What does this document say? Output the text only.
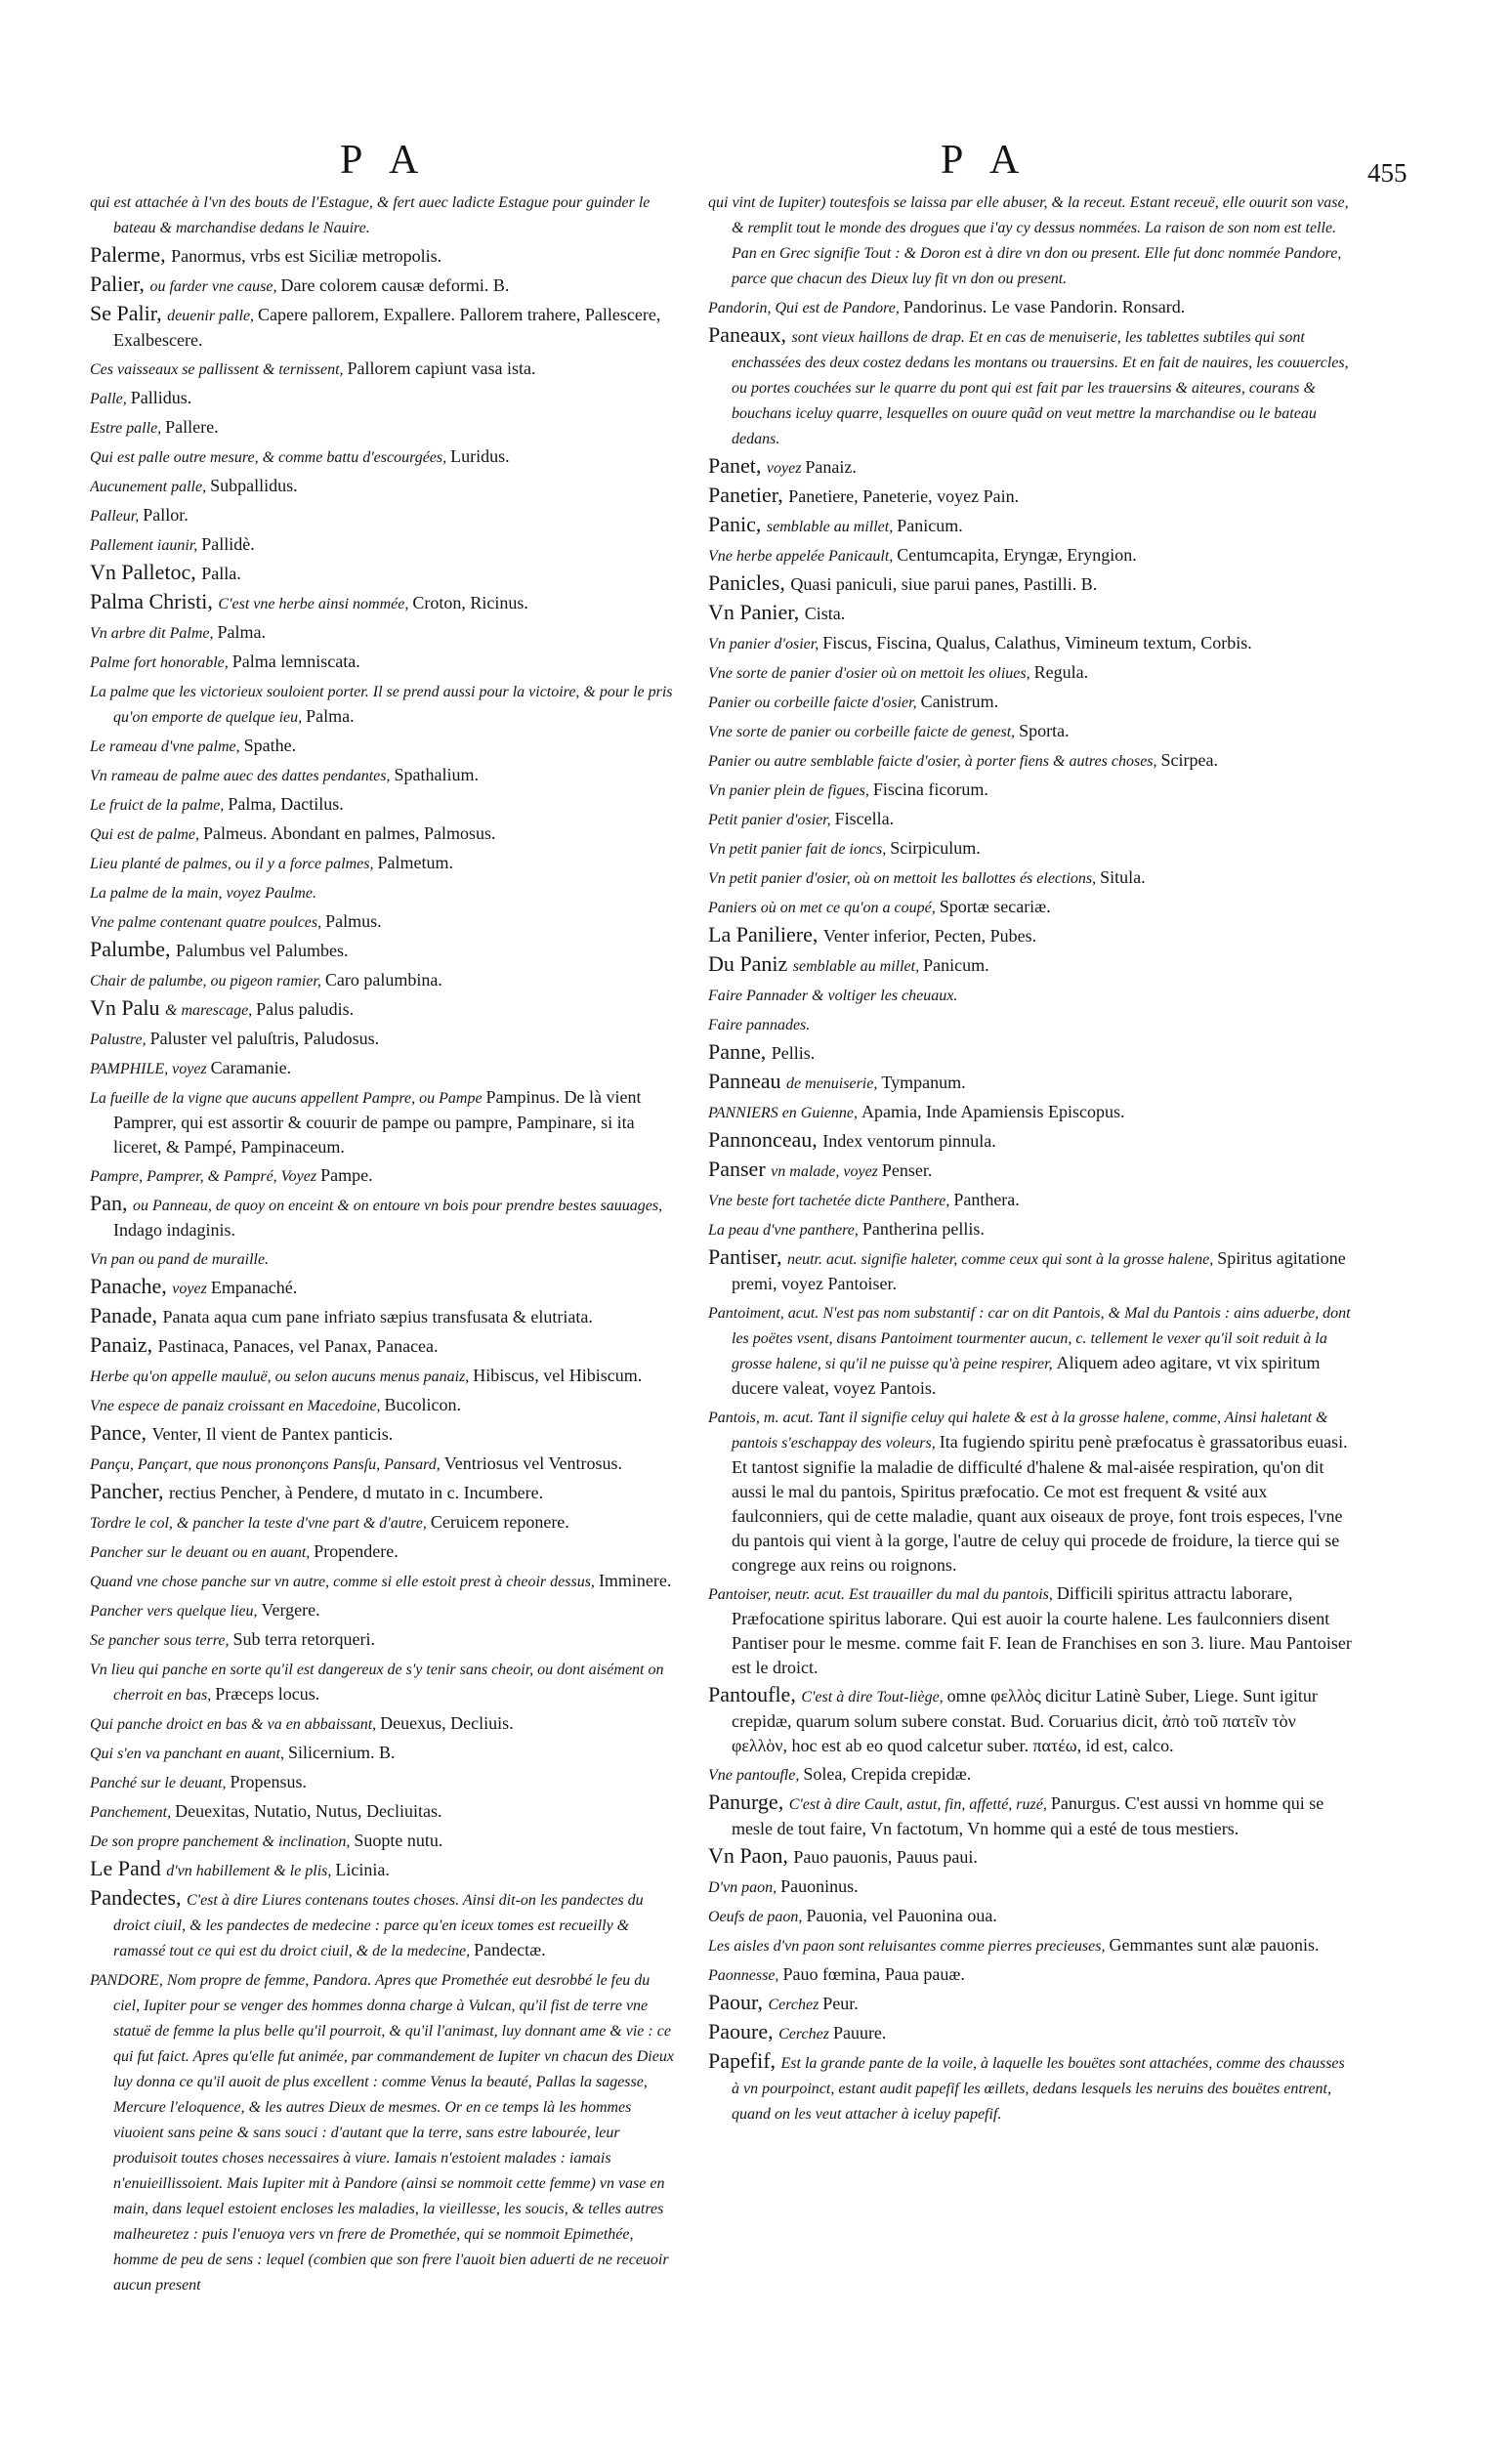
P A	P A	455
qui est attachée à l'vn des bouts de l'Estague, & fert auec ladicte Estague pour guinder le bateau & marchandise dedans le Nauire.
Palerme, Panormus, vrbs est Siciliæ metropolis.
Palier, ou farder vne cause, Dare colorem causæ deformi. B.
Se Palir, deuenir palle, Capere pallorem, Expallere. Pallorem trahere, Pallescere, Exalbescere.
Ces vaisseaux se pallissent & ternissent, Pallorem capiunt vasa ista.
Palle, Pallidus.
Estre palle, Pallere.
Qui est palle outre mesure, & comme battu d'escourgées, Luridus.
Aucunement palle, Subpallidus.
Palleur, Pallor.
Pallement iaunir, Pallidè.
Vn Palletoc, Palla.
Palma Christi, C'est vne herbe ainsi nommée, Croton, Ricinus.
Vn arbre dit Palme, Palma.
Palme fort honorable, Palma lemniscata.
La palme que les victorieux souloient porter. Il se prend aussi pour la victoire, & pour le pris qu'on emporte de quelque ieu, Palma.
Le rameau d'vne palme, Spathe.
Vn rameau de palme auec des dattes pendantes, Spathalium.
Le fruict de la palme, Palma, Dactilus.
Qui est de palme, Palmeus. Abondant en palmes, Palmosus.
Lieu planté de palmes, ou il y a force palmes, Palmetum.
La palme de la main, voyez Paulme.
Vne palme contenant quatre poulces, Palmus.
Palumbe, Palumbus vel Palumbes.
Chair de palumbe, ou pigeon ramier, Caro palumbina.
Vn Palu & marescage, Palus paludis.
Palustre, Paluster vel paluſtris, Paludosus.
PAMPHILE, voyez Caramanie.
La fueille de la vigne que aucuns appellent Pampre, ou Pampe Pampinus. De là vient Pamprer, qui est assortir & couurir de pampe ou pampre, Pampinare, si ita liceret, & Pampé, Pampinaceum.
Pampre, Pamprer, & Pampré, Voyez Pampe.
Pan, ou Panneau, de quoy on enceint & on entoure vn bois pour prendre bestes sauuages, Indago indaginis.
Vn pan ou pand de muraille.
Panache, voyez Empanaché.
Panade, Panata aqua cum pane infriato sæpius transfusata & elutriata.
Panaiz, Pastinaca, Panaces, vel Panax, Panacea.
Herbe qu'on appelle mauluë, ou selon aucuns menus panaiz, Hibiscus, vel Hibiscum.
Vne espece de panaiz croissant en Macedoine, Bucolicon.
Pance, Venter, Il vient de Pantex panticis.
Pançu, Pançart, que nous prononçons Pansſu, Pansard, Ventriosus vel Ventrosus.
Pancher, rectius Pencher, à Pendere, d mutato in c. Incumbere.
Tordre le col, & pancher la teste d'vne part & d'autre, Ceruicem reponere.
Pancher sur le deuant ou en auant, Propendere.
Quand vne chose panche sur vn autre, comme si elle estoit prest à cheoir dessus, Imminere.
Pancher vers quelque lieu, Vergere.
Se pancher sous terre, Sub terra retorqueri.
Vn lieu qui panche en sorte qu'il est dangereux de s'y tenir sans cheoir, ou dont aisément on cherroit en bas, Præceps locus.
Qui panche droict en bas & va en abbaissant, Deuexus, Decliuis.
Qui s'en va panchant en auant, Silicernium. B.
Panché sur le deuant, Propensus.
Panchement, Deuexitas, Nutatio, Nutus, Decliuitas.
De son propre panchement & inclination, Suopte nutu.
Le Pand d'vn habillement & le plis, Licinia.
Pandectes, C'est à dire Liures contenans toutes choses. Ainsi dit-on les pandectes du droict ciuil, & les pandectes de medecine : parce qu'en iceux tomes est recueilly & ramassé tout ce qui est du droict ciuil, & de la medecine, Pandectæ.
PANDORE, Nom propre de femme, Pandora. Apres que Promethée eut desrobbé le feu du ciel, Iupiter pour se venger des hommes donna charge à Vulcan, qu'il fist de terre vne statuë de femme la plus belle qu'il pourroit, & qu'il l'animast, luy donnant ame & vie : ce qui fut faict. Apres qu'elle fut animée, par commandement de Iupiter vn chacun des Dieux luy donna ce qu'il auoit de plus excellent : comme Venus la beauté, Pallas la sagesse, Mercure l'eloquence, & les autres Dieux de mesmes. Or en ce temps là les hommes viuoient sans peine & sans souci : d'autant que la terre, sans estre labourée, leur produisoit toutes choses necessaires à viure. Iamais n'estoient malades : iamais n'enuieillissoient. Mais Iupiter mit à Pandore (ainsi se nommoit cette femme) vn vase en main, dans lequel estoient encloses les maladies, la vieillesse, les soucis, & telles autres malheuretez : puis l'enuoya vers vn frere de Promethée, qui se nommoit Epimethée, homme de peu de sens : lequel (combien que son frere l'auoit bien aduerti de ne receuoir aucun present
qui vint de Iupiter) toutesfois se laissa par elle abuser, & la receut. Estant receuë, elle ouurit son vase, & remplit tout le monde des drogues que i'ay cy dessus nommées. La raison de son nom est telle. Pan en Grec signifie Tout : & Doron est à dire vn don ou present. Elle fut donc nommée Pandore, parce que chacun des Dieux luy fit vn don ou present.
Pandorin, Qui est de Pandore, Pandorinus. Le vase Pandorin. Ronsard.
Paneaux, sont vieux haillons de drap. Et en cas de menuiserie, les tablettes subtiles qui sont enchassées des deux costez dedans les montans ou trauersins. Et en fait de nauires, les couuercles, ou portes couchées sur le quarre du pont qui est fait par les trauersins & aiteures, courans & bouchans iceluy quarre, lesquelles on ouure quãd on veut mettre la marchandise ou le bateau dedans.
Panet, voyez Panaiz.
Panetier, Panetiere, Paneterie, voyez Pain.
Panic, semblable au millet, Panicum.
Vne herbe appelée Panicault, Centumcapita, Eryngæ, Eryngion.
Panicles, Quasi paniculi, siue parui panes, Pastilli. B.
Vn Panier, Cista.
Vn panier d'osier, Fiscus, Fiscina, Qualus, Calathus, Vimineum textum, Corbis.
Vne sorte de panier d'osier où on mettoit les oliues, Regula.
Panier ou corbeille faicte d'osier, Canistrum.
Vne sorte de panier ou corbeille faicte de genest, Sporta.
Panier ou autre semblable faicte d'osier, à porter fiens & autres choses, Scirpea.
Vn panier plein de figues, Fiscina ficorum.
Petit panier d'osier, Fiscella.
Vn petit panier fait de ioncs, Scirpiculum.
Vn petit panier d'osier, où on mettoit les ballottes és elections, Situla.
Paniers où on met ce qu'on a coupé, Sportæ secariæ.
La Paniliere, Venter inferior, Pecten, Pubes.
Du Paniz semblable au millet, Panicum.
Faire Pannader & voltiger les cheuaux.
Faire pannades.
Panne, Pellis.
Panneau de menuiserie, Tympanum.
PANNIERS en Guienne, Apamia, Inde Apamiensis Episcopus.
Pannonceau, Index ventorum pinnula.
Panser vn malade, voyez Penser.
Vne beste fort tachetée dicte Panthere, Panthera.
La peau d'vne panthere, Pantherina pellis.
Pantiser, neutr. acut. signifie haleter, comme ceux qui sont à la grosse halene, Spiritus agitatione premi, voyez Pantoiser.
Pantoiment, acut. N'est pas nom substantif : car on dit Pantois, & Mal du Pantois : ains aduerbe, dont les poëtes vsent, disans Pantoiment tourmenter aucun, c. tellement le vexer qu'il soit reduit à la grosse halene, si qu'il ne puisse qu'à peine respirer, Aliquem adeo agitare, vt vix spiritum ducere valeat, voyez Pantois.
Pantois, m. acut. Tant il signifie celuy qui halete & est à la grosse halene, comme, Ainsi haletant & pantois s'eschappay des voleurs, Ita fugiendo spiritu penè præfocatus è grassatoribus euasi. Et tantost signifie la maladie de difficulté d'halene & mal-aisée respiration, qu'on dit aussi le mal du pantois, Spiritus præfocatio. Ce mot est frequent & vsité aux faulconniers, qui de cette maladie, quant aux oiseaux de proye, font trois especes, l'vne du pantois qui vient à la gorge, l'autre de celuy qui procede de froidure, la tierce qui se congrege aux reins ou roignons.
Pantoiser, neutr. acut. Est trauailler du mal du pantois, Difficili spiritus attractu laborare, Præfocatione spiritus laborare. Qui est auoir la courte halene. Les faulconniers disent Pantiser pour le mesme. comme fait F. Iean de Franchises en son 3. liure. Mau Pantoiser est le droict.
Pantoufle, C'est à dire Tout-liège, omne φελλὸς dicitur Latinè Suber, Liege. Sunt igitur crepidæ, quarum solum subere constat. Bud. Coruarius dicit, ἀπὸ τοῦ πατεῖν τὸν φελλὸν, hoc est ab eo quod calcetur suber. πατέω, id est, calco.
Vne pantoufle, Solea, Crepida crepidæ.
Panurge, C'est à dire Cault, astut, fin, affetté, ruzé, Panurgus. C'est aussi vn homme qui se mesle de tout faire, Vn factotum, Vn homme qui a esté de tous mestiers.
Vn Paon, Pauo pauonis, Pauus paui.
D'vn paon, Pauoninus.
Oeufs de paon, Pauonia, vel Pauonina oua.
Les aisles d'vn paon sont reluisantes comme pierres precieuses, Gemmantes sunt alæ pauonis.
Paonnesse, Pauo fœmina, Paua pauæ.
Paour, Cerchez Peur.
Paoure, Cerchez Pauure.
Papefif, Est la grande pante de la voile, à laquelle les bouëtes sont attachées, comme des chausses à vn pourpoinct, estant audit papefif les œillets, dedans lesquels les neruins des bouëtes entrent, quand on les veut attacher à iceluy papefif.
